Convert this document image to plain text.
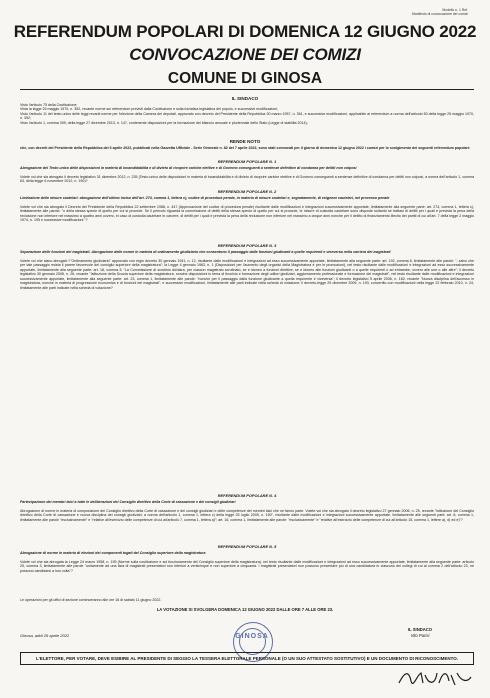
Modello n. 1 Ref.
Manifesto di convocazione dei comizi
REFERENDUM POPOLARI DI DOMENICA 12 GIUGNO 2022
CONVOCAZIONE DEI COMIZI
COMUNE DI GINOSA
IL SINDACO
Visto l'articolo 75 della Costituzione;
Vista la legge 25 maggio 1970, n. 352, recante norme sui referendum previsti dalla Costituzione e sulla iniziativa legislativa del popolo, e successive modificazioni;
Visto l'articolo 11 del testo unico delle leggi recanti norme per l'elezione della Camera dei deputati, approvato con decreto del Presidente della Repubblica 30 marzo 1957, n. 361, e successive modificazioni, applicabile ai referendum a norma dell'articolo 50 della legge 25 maggio 1970, n. 352;
Visto l'articolo 1, comma 399, della legge 27 dicembre 2013, n. 147, contenente disposizioni per la formazione del bilancio annuale e pluriennale dello Stato (Legge di stabilita 2014);
RENDE NOTO
che, con decreti del Presidente della Repubblica del 6 aprile 2022, pubblicati nella Gazzetta Ufficiale - Serie Generale n. 82 del 7 aprile 2022, sono stati convocati per il giorno di domenica 12 giugno 2022 i comizi per lo svolgimento dei seguenti referendum popolari:
REFERENDUM POPOLARE N. 1
Abrogazione del Testo unico delle disposizioni in materia di incandidabilita e di divieto di ricoprire cariche elettive e di Governo conseguenti a sentenze definitive di condanna per delitti non colposi
Volete voi che sia abrogato il decreto legislativo 31 dicembre 2012, n. 235 (Testo unico delle disposizioni in materia di incandidabilita e di divieto di ricoprire cariche elettive e di Governo conseguenti a sentenze definitive di condanna per delitti non colposi, a norma dell'articolo 1, comma 63, della legge 6 novembre 2012, n. 190)?
REFERENDUM POPOLARE N. 2
Limitazione delle misure cautelari: abrogazione dell'ultimo inciso dell'art. 274, comma 1, lettera c), codice di procedura penale, in materia di misure cautelari e, segnatamente, di esigenze cautelari, nel processo penale
Volete voi che sia abrogato il Decreto del Presidente della Repubblica 22 settembre 1988, n. 447 (Approvazione del codice di procedura penale) risultante dalle modificazioni e integrazioni successivamente apportate, limitatamente alla seguente parte: art. 274, comma 1, lettera c), limitatamente alle parole: "o della stessa specie di quello per cui si procede. Se il pericolo riguarda la commissione di delitti della stessa specie di quello per cui si procede, le misure di custodia cautelare sono disposte soltanto se trattasi di delitti per i quali e prevista la pena della reclusione non inferiore nel massimo a quattro anni ovvero, in caso di custodia cautelare in carcere, di delitti per i quali e prevista la pena della reclusione non inferiore nel massimo a cinque anni nonche per il delitto di finanziamento illecito dei partiti di cui all'art. 7 della legge 2 maggio 1974, n. 195 e successive modificazioni."?
REFERENDUM POPOLARE N. 3
Separazione delle funzioni dei magistrati. Abrogazione delle norme in materia di ordinamento giudiziario che consentono il passaggio dalle funzioni giudicanti a quelle requirenti e viceversa nella carriera dei magistrati
Volete voi che siano abrogati: l'"Ordinamento giudiziario" approvato con regio decreto 30 gennaio 1941, n. 12, risultante dalle modificazioni e integrazioni ad esso successivamente apportate, limitatamente alla seguente parte: art. 192, comma 6, limitatamente alle parole: ", salvo che per tale passaggio esista il parere favorevole del consiglio superiore della magistratura"; la Legge 4 gennaio 1963, n. 1 (Disposizioni per l'aumento degli organici della Magistratura e per le promozioni), nel testo risultante dalle modificazioni e integrazioni ad esso successivamente apportate, limitatamente alla seguente parte: art. 18, comma 3: "La Commissione di scrutinio dichiara, per ciascun magistrato scrutinato, se e idoneo a funzioni direttive, se e idoneo alle funzioni giudicanti o a quelle requirenti o ad entrambe, ovvero alle une o alle altre"; il decreto legislativo 30 gennaio 2006, n. 26, recante "Istituzione della Scuola superiore della magistratura, nonche disposizioni in tema di tirocinio e formazione degli uditori giudiziari, aggiornamento professionale e formazione dei magistrati", nel testo risultante dalle modificazioni e integrazioni successivamente apportate, limitatamente alla seguente parte: art. 23, comma 1, limitatamente alle parole: "nonche per il passaggio dalla funzione giudicante a quella requirente e viceversa"; il decreto legislativo 5 aprile 2006, n. 160, recante "Nuova disciplina dell'accesso in magistratura, nonche in materia di progressione economica e di funzioni dei magistrati", e successive modificazioni, limitatamente alle parti indicate nella scheda di votazione; il decreto-legge 29 dicembre 2009, n. 193, convertito con modificazioni nella legge 22 febbraio 2010, n. 24, limitatamente alle parti indicate nella scheda di votazione?
REFERENDUM POPOLARE N. 4
Partecipazione dei membri laici a tutte le deliberazioni del Consiglio direttivo della Corte di cassazione e dei consigli giudiziari
Abrogazione di norme in materia di composizione del Consiglio direttivo della Corte di cassazione e dei consigli giudiziari e delle competenze dei membri laici che ne fanno parte. Volete voi che sia abrogato il decreto legislativo 27 gennaio 2006, n. 25, recante "Istituzione del Consiglio direttivo della Corte di cassazione e nuova disciplina dei consigli giudiziari, a norma dell'articolo 1, comma 1, lettera c) della legge 25 luglio 2005, n. 150", risultante dalle modificazioni e integrazioni successivamente apportate, limitatamente alle seguenti parti: art. 8, comma 1, limitatamente alle parole "esclusivamente" e "relative all'esercizio delle competenze di cui all'articolo 7, comma 1, lettera a)"; art. 16, comma 1, limitatamente alle parole: "esclusivamente" e "relative all'esercizio delle competenze di cui all'articolo 15, comma 1, lettere a), d) ed e)"?
REFERENDUM POPOLARE N. 5
Abrogazione di norme in materia di elezioni dei componenti togati del Consiglio superiore della magistratura
Volete voi che sia abrogata la Legge 24 marzo 1958, n. 195 (Norme sulla costituzione e sul funzionamento del Consiglio superiore della magistratura), nel testo risultante dalle modificazioni e integrazioni ad esso successivamente apportate, limitatamente alla seguente parte: articolo 25, comma 3, limitatamente alle parole "unitamente ad una lista di magistrati presentatori non inferiori a venticinque e non superiore a cinquanta. I magistrati presentatori non possono presentare piu di una candidatura in ciascuno dei collegi di cui al comma 2 dell'articolo 23, ne possono candidarsi a loro volta"?
Le operazioni per gli uffici di sezione cominceranno alle ore 16 di sabato 11 giugno 2022.
LA VOTAZIONE SI SVOLGERA DOMENICA 12 GIUGNO 2022 DALLE ORE 7 ALLE ORE 23.
Ginosa, addì 28 aprile 2022	GINOSA
IL SINDACO
Vito Parisi
L'ELETTORE, PER VOTARE, DEVE ESIBIRE AL PRESIDENTE DI SEGGIO LA TESSERA ELETTORALE PERSONALE (O UN SUO ATTESTATO SOSTITUTIVO) E UN DOCUMENTO DI RICONOSCIMENTO.
